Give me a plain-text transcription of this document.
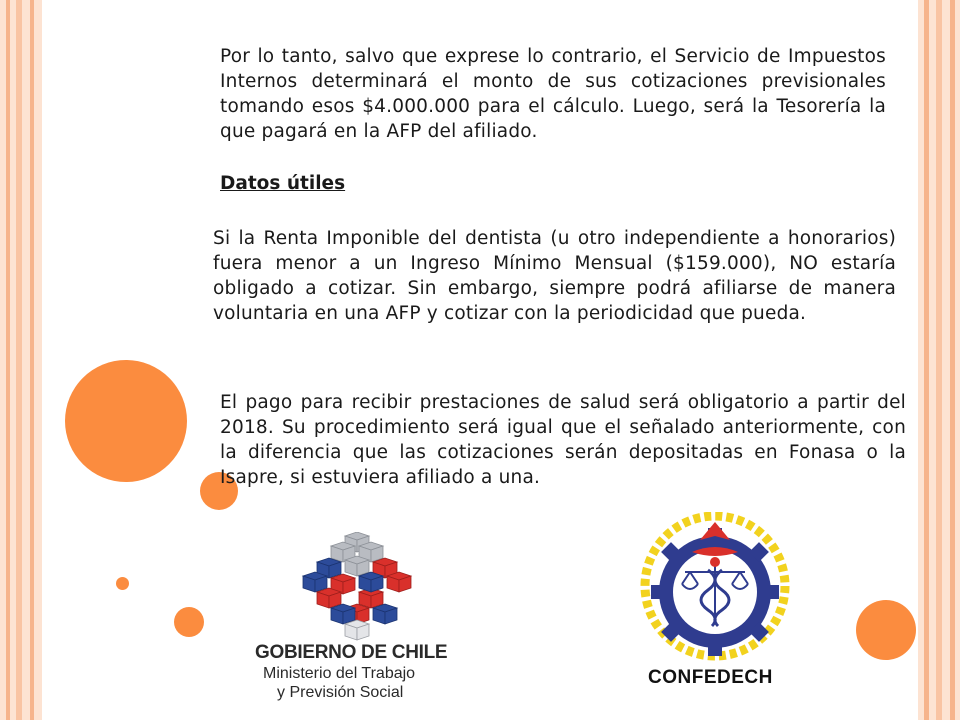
Por lo tanto, salvo que exprese lo contrario, el Servicio de Impuestos Internos determinará el monto de sus cotizaciones previsionales tomando esos $4.000.000 para el cálculo. Luego, será la Tesorería la que pagará en la AFP del afiliado.
Datos útiles
Si la Renta Imponible del dentista (u otro independiente a honorarios) fuera menor a un Ingreso Mínimo Mensual ($159.000), NO estaría obligado a cotizar. Sin embargo, siempre podrá afiliarse de manera voluntaria en una AFP y cotizar con la periodicidad que pueda.
El pago para recibir prestaciones de salud será obligatorio a partir del 2018. Su procedimiento será igual que el señalado anteriormente, con la diferencia que las cotizaciones serán depositadas en Fonasa o la Isapre, si estuviera afiliado a una.
GOBIERNO DE CHILE
Ministerio del Trabajo
y Previsión Social
CONFEDECH
